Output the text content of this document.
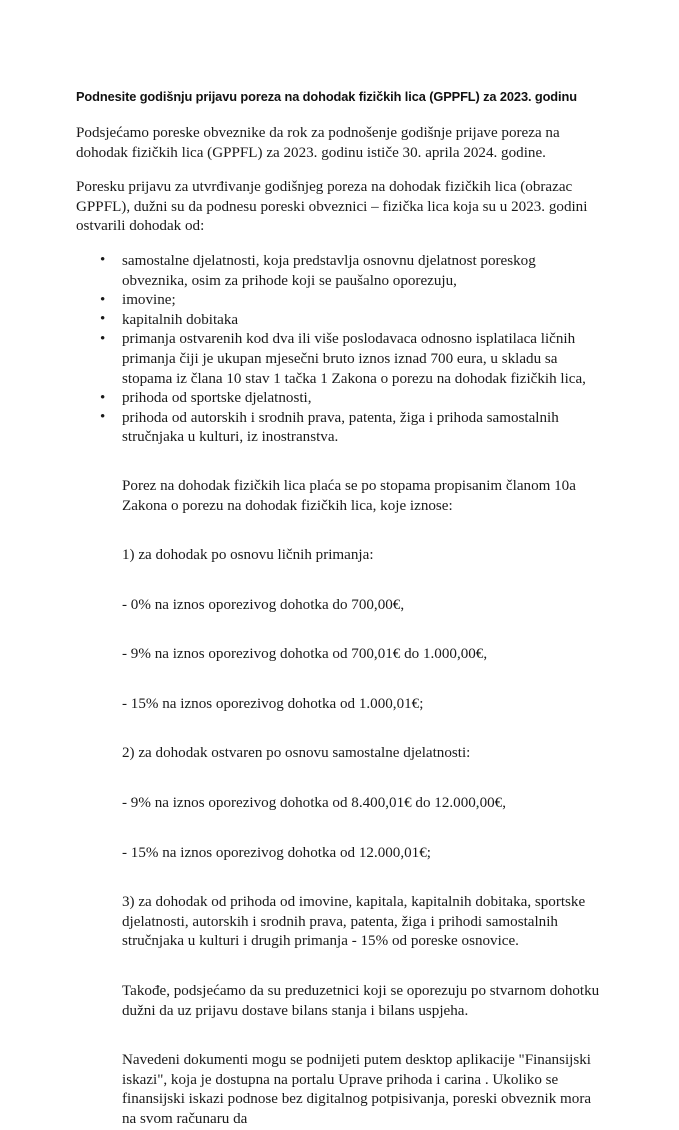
Podnesite godišnju prijavu poreza na dohodak fizičkih lica (GPPFL) za 2023. godinu

Podsjećamo poreske obveznike da rok za podnošenje godišnje prijave poreza na dohodak fizičkih lica (GPPFL) za 2023. godinu ističe 30. aprila 2024. godine.

Poresku prijavu za utvrđivanje godišnjeg poreza na dohodak fizičkih lica (obrazac GPPFL), dužni su da podnesu poreski obveznici – fizička lica koja su u 2023. godini ostvarili dohodak od:

• samostalne djelatnosti, koja predstavlja osnovnu djelatnost poreskog obveznika, osim za prihode koji se paušalno oporezuju,
• imovine;
• kapitalnih dobitaka
• primanja ostvarenih kod dva ili više poslodavaca odnosno isplatilaca ličnih primanja čiji je ukupan mjesečni bruto iznos iznad 700 eura, u skladu sa stopama iz člana 10 stav 1 tačka 1 Zakona o porezu na dohodak fizičkih lica,
• prihoda od sportske djelatnosti,
• prihoda od autorskih i srodnih prava, patenta, žiga i prihoda samostalnih stručnjaka u kulturi, iz inostranstva.

Porez na dohodak fizičkih lica plaća se po stopama propisanim članom 10a Zakona o porezu na dohodak fizičkih lica, koje iznose:

1) za dohodak po osnovu ličnih primanja:

- 0% na iznos oporezivog dohotka do 700,00€,

- 9% na iznos oporezivog dohotka od 700,01€ do 1.000,00€,

- 15% na iznos oporezivog dohotka od 1.000,01€;

2) za dohodak ostvaren po osnovu samostalne djelatnosti:

- 9% na iznos oporezivog dohotka od 8.400,01€ do 12.000,00€,

- 15% na iznos oporezivog dohotka od 12.000,01€;

3) za dohodak od prihoda od imovine, kapitala, kapitalnih dobitaka, sportske djelatnosti, autorskih i srodnih prava, patenta, žiga i prihodi samostalnih stručnjaka u kulturi i drugih primanja - 15% od poreske osnovice.

Takođe, podsjećamo da su preduzetnici koji se oporezuju po stvarnom dohotku dužni da uz prijavu dostave bilans stanja i bilans uspjeha.

Navedeni dokumenti mogu se podnijeti putem desktop aplikacije "Finansijski iskazi", koja je dostupna na portalu Uprave prihoda i carina . Ukoliko se finansijski iskazi podnose bez digitalnog potpisivanja, poreski obveznik mora na svom računaru da
